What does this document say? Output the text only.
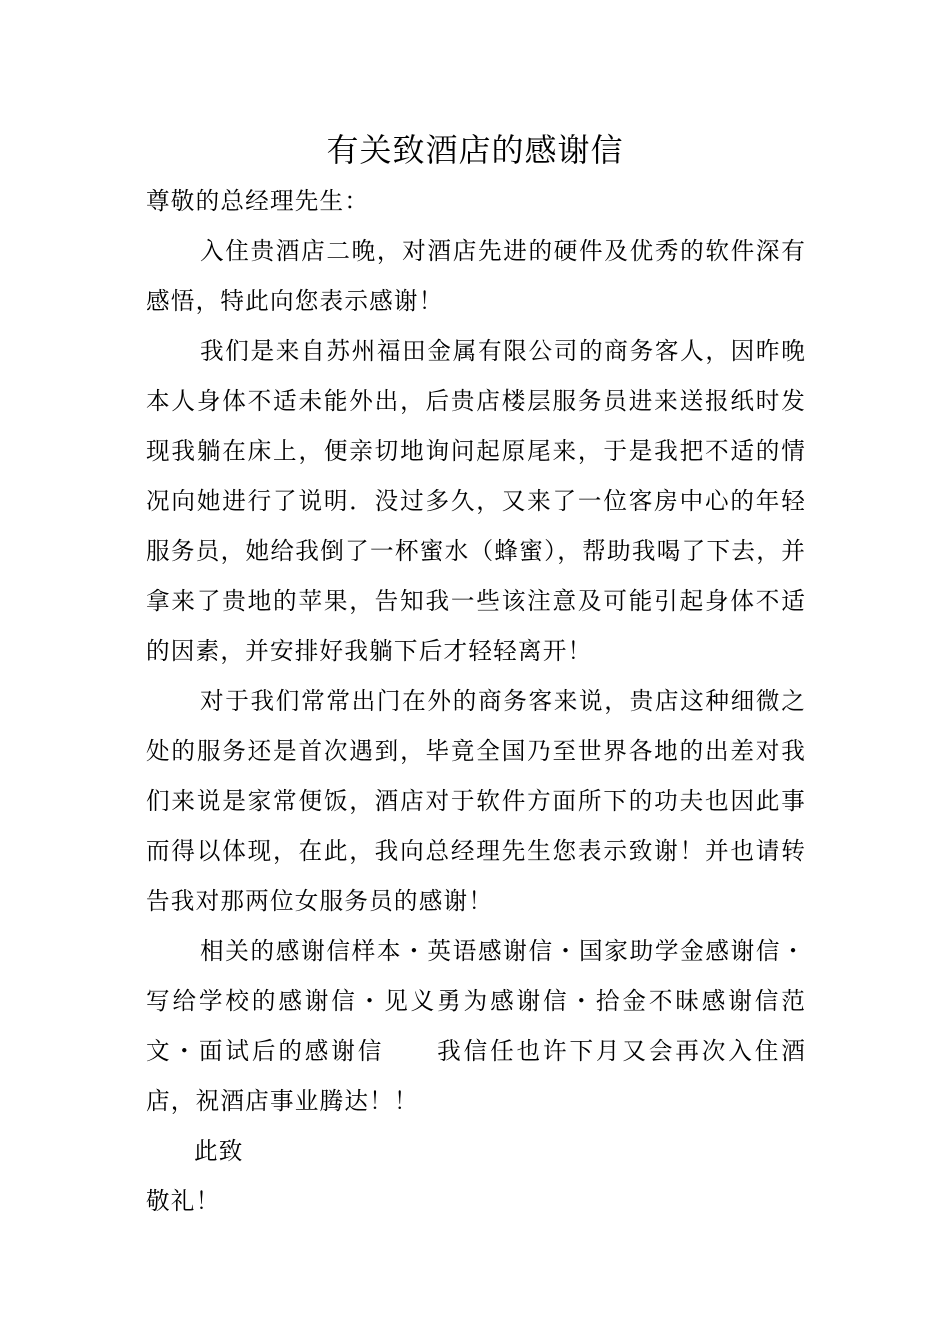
有关致酒店的感谢信

尊敬的总经理先生：

入住贵酒店二晚，对酒店先进的硬件及优秀的软件深有感悟，特此向您表示感谢！

我们是来自苏州福田金属有限公司的商务客人，因昨晚本人身体不适未能外出，后贵店楼层服务员进来送报纸时发现我躺在床上，便亲切地询问起原尾来，于是我把不适的情况向她进行了说明．没过多久，又来了一位客房中心的年轻服务员，她给我倒了一杯蜜水（蜂蜜），帮助我喝了下去，并拿来了贵地的苹果，告知我一些该注意及可能引起身体不适的因素，并安排好我躺下后才轻轻离开！

对于我们常常出门在外的商务客来说，贵店这种细微之处的服务还是首次遇到，毕竟全国乃至世界各地的出差对我们来说是家常便饭，酒店对于软件方面所下的功夫也因此事而得以体现，在此，我向总经理先生您表示致谢！并也请转告我对那两位女服务员的感谢！

相关的感谢信样本・英语感谢信・国家助学金感谢信・写给学校的感谢信・见义勇为感谢信・拾金不昧感谢信范文・面试后的感谢信　　我信任也许下月又会再次入住酒店，祝酒店事业腾达！！

此致

敬礼！
